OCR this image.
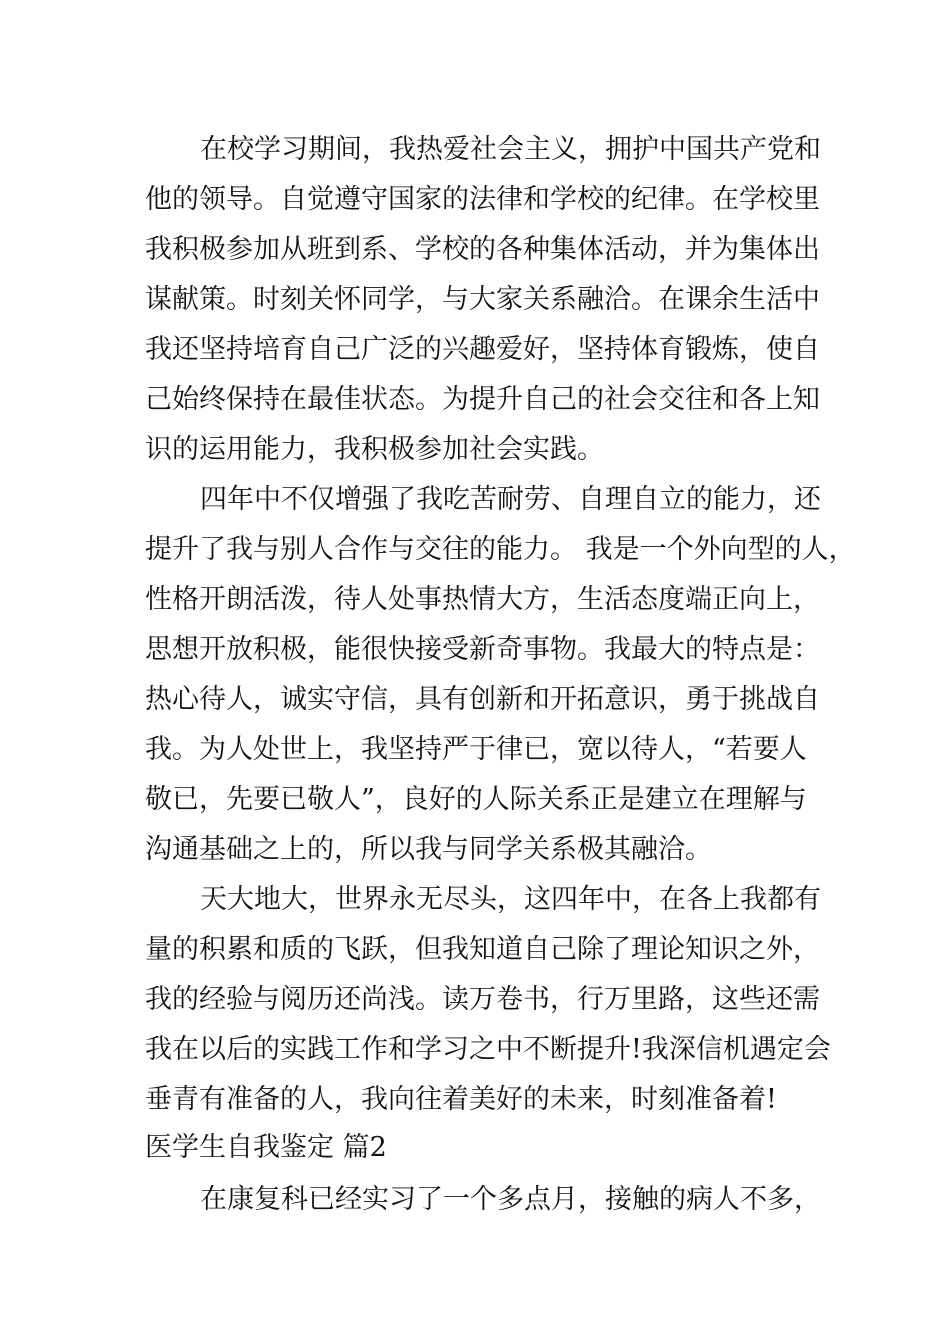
在校学习期间，我热爱社会主义，拥护中国共产党和
他的领导。自觉遵守国家的法律和学校的纪律。在学校里
我积极参加从班到系、学校的各种集体活动，并为集体出
谋献策。时刻关怀同学，与大家关系融洽。在课余生活中
我还坚持培育自己广泛的兴趣爱好，坚持体育锻炼，使自
己始终保持在最佳状态。为提升自己的社会交往和各上知
识的运用能力，我积极参加社会实践。
四年中不仅增强了我吃苦耐劳、自理自立的能力，还
提升了我与别人合作与交往的能力。 我是一个外向型的人，
性格开朗活泼，待人处事热情大方，生活态度端正向上，
思想开放积极，能很快接受新奇事物。我最大的特点是：
热心待人，诚实守信，具有创新和开拓意识，勇于挑战自
我。为人处世上，我坚持严于律已，宽以待人，“若要人
敬已，先要已敬人”，良好的人际关系正是建立在理解与
沟通基础之上的，所以我与同学关系极其融洽。
天大地大，世界永无尽头，这四年中，在各上我都有
量的积累和质的飞跃，但我知道自己除了理论知识之外，
我的经验与阅历还尚浅。读万卷书，行万里路，这些还需
我在以后的实践工作和学习之中不断提升!我深信机遇定会
垂青有准备的人，我向往着美好的未来，时刻准备着!
医学生自我鉴定 篇2
在康复科已经实习了一个多点月，接触的病人不多，
